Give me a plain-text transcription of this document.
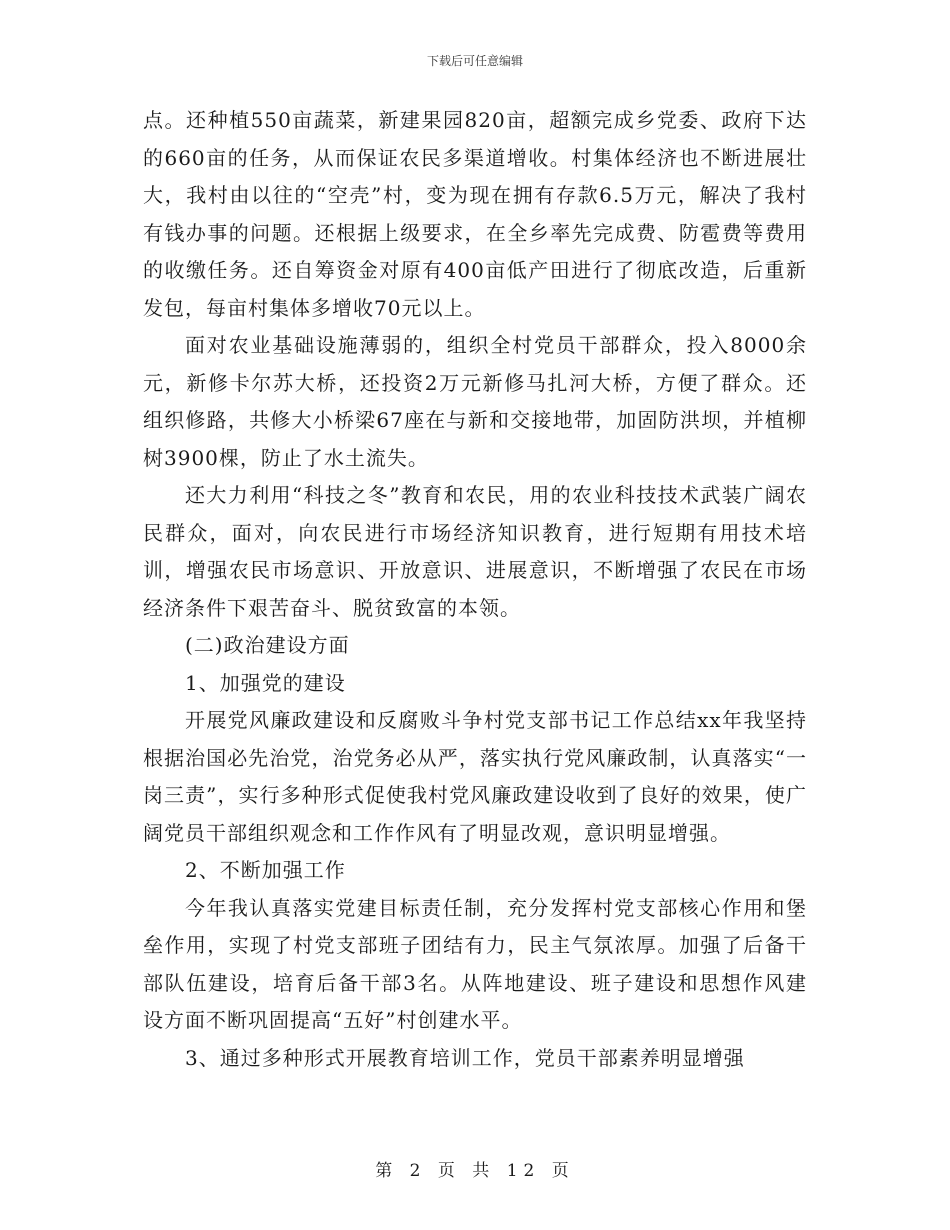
下载后可任意编辑

点。还种植550亩蔬菜，新建果园820亩，超额完成乡党委、政府下达的660亩的任务，从而保证农民多渠道增收。村集体经济也不断进展壮大，我村由以往的“空壳”村，变为现在拥有存款6.5万元，解决了我村有钱办事的问题。还根据上级要求，在全乡率先完成费、防雹费等费用的收缴任务。还自筹资金对原有400亩低产田进行了彻底改造，后重新发包，每亩村集体多增收70元以上。

面对农业基础设施薄弱的，组织全村党员干部群众，投入8000余元，新修卡尔苏大桥，还投资2万元新修马扎河大桥，方便了群众。还组织修路，共修大小桥梁67座在与新和交接地带，加固防洪坝，并植柳树3900棵，防止了水土流失。

还大力利用“科技之冬”教育和农民，用的农业科技技术武装广阔农民群众，面对，向农民进行市场经济知识教育，进行短期有用技术培训，增强农民市场意识、开放意识、进展意识，不断增强了农民在市场经济条件下艰苦奋斗、脱贫致富的本领。

(二)政治建设方面

1、加强党的建设

开展党风廉政建设和反腐败斗争村党支部书记工作总结xx年我坚持根据治国必先治党，治党务必从严，落实执行党风廉政制，认真落实“一岗三责”，实行多种形式促使我村党风廉政建设收到了良好的效果，使广阔党员干部组织观念和工作作风有了明显改观，意识明显增强。

2、不断加强工作

今年我认真落实党建目标责任制，充分发挥村党支部核心作用和堡垒作用，实现了村党支部班子团结有力，民主气氛浓厚。加强了后备干部队伍建设，培育后备干部3名。从阵地建设、班子建设和思想作风建设方面不断巩固提高“五好”村创建水平。

3、通过多种形式开展教育培训工作，党员干部素养明显增强

第 2 页 共 12 页
